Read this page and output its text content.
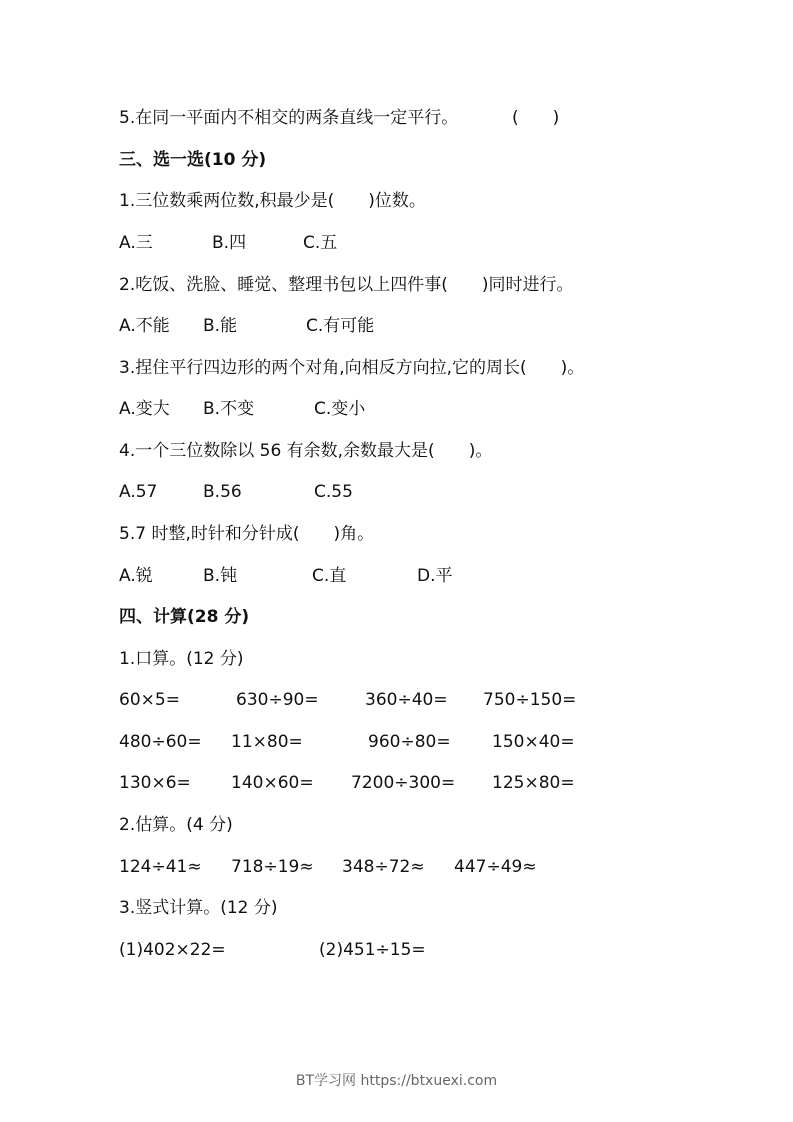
5.在同一平面内不相交的两条直线一定平行。	(　　)
三、选一选(10 分)
1.三位数乘两位数,积最少是(　　)位数。
A.三	B.四	C.五
2.吃饭、洗脸、睡觉、整理书包以上四件事(　　)同时进行。
A.不能 B.能	C.有可能
3.捏住平行四边形的两个对角,向相反方向拉,它的周长(　　)。
A.变大 B.不变	C.变小
4.一个三位数除以 56 有余数,余数最大是(　　)。
A.57	B.56	C.55
5.7 时整,时针和分针成(　　)角。
A.锐	B.钝	C.直	D.平
四、计算(28 分)
1.口算。(12 分)
60×5=	630÷90=	360÷40= 750÷150=
480÷60= 11×80=	960÷80= 150×40=
130×6= 140×60= 7200÷300= 125×80=
2.估算。(4 分)
124÷41≈ 718÷19≈ 348÷72≈ 447÷49≈
3.竖式计算。(12 分)
(1)402×22=	(2)451÷15=
BT学习网 https://btxuexi.com
